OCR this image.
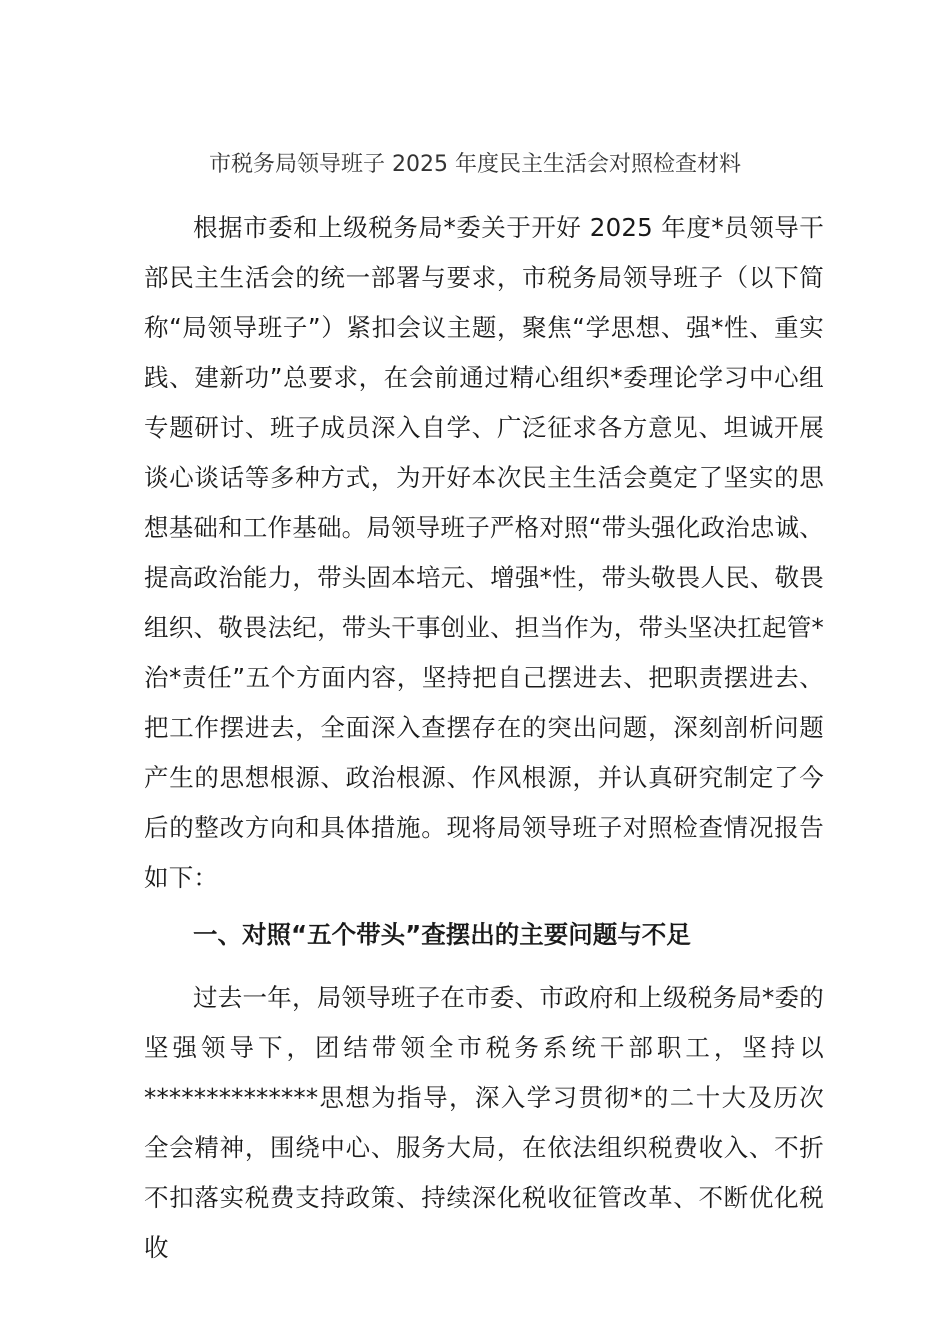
市税务局领导班子 2025 年度民主生活会对照检查材料

根据市委和上级税务局*委关于开好 2025 年度*员领导干部民主生活会的统一部署与要求，市税务局领导班子（以下简称“局领导班子”）紧扣会议主题，聚焦“学思想、强*性、重实践、建新功”总要求，在会前通过精心组织*委理论学习中心组专题研讨、班子成员深入自学、广泛征求各方意见、坦诚开展谈心谈话等多种方式，为开好本次民主生活会奠定了坚实的思想基础和工作基础。局领导班子严格对照“带头强化政治忠诚、提高政治能力，带头固本培元、增强*性，带头敬畏人民、敬畏组织、敬畏法纪，带头干事创业、担当作为，带头坚决扛起管*治*责任”五个方面内容，坚持把自己摆进去、把职责摆进去、把工作摆进去，全面深入查摆存在的突出问题，深刻剖析问题产生的思想根源、政治根源、作风根源，并认真研究制定了今后的整改方向和具体措施。现将局领导班子对照检查情况报告如下：

一、对照“五个带头”查摆出的主要问题与不足

过去一年，局领导班子在市委、市政府和上级税务局*委的坚强领导下，团结带领全市税务系统干部职工，坚持以**************思想为指导，深入学习贯彻*的二十大及历次全会精神，围绕中心、服务大局，在依法组织税费收入、不折不扣落实税费支持政策、持续深化税收征管改革、不断优化税收
